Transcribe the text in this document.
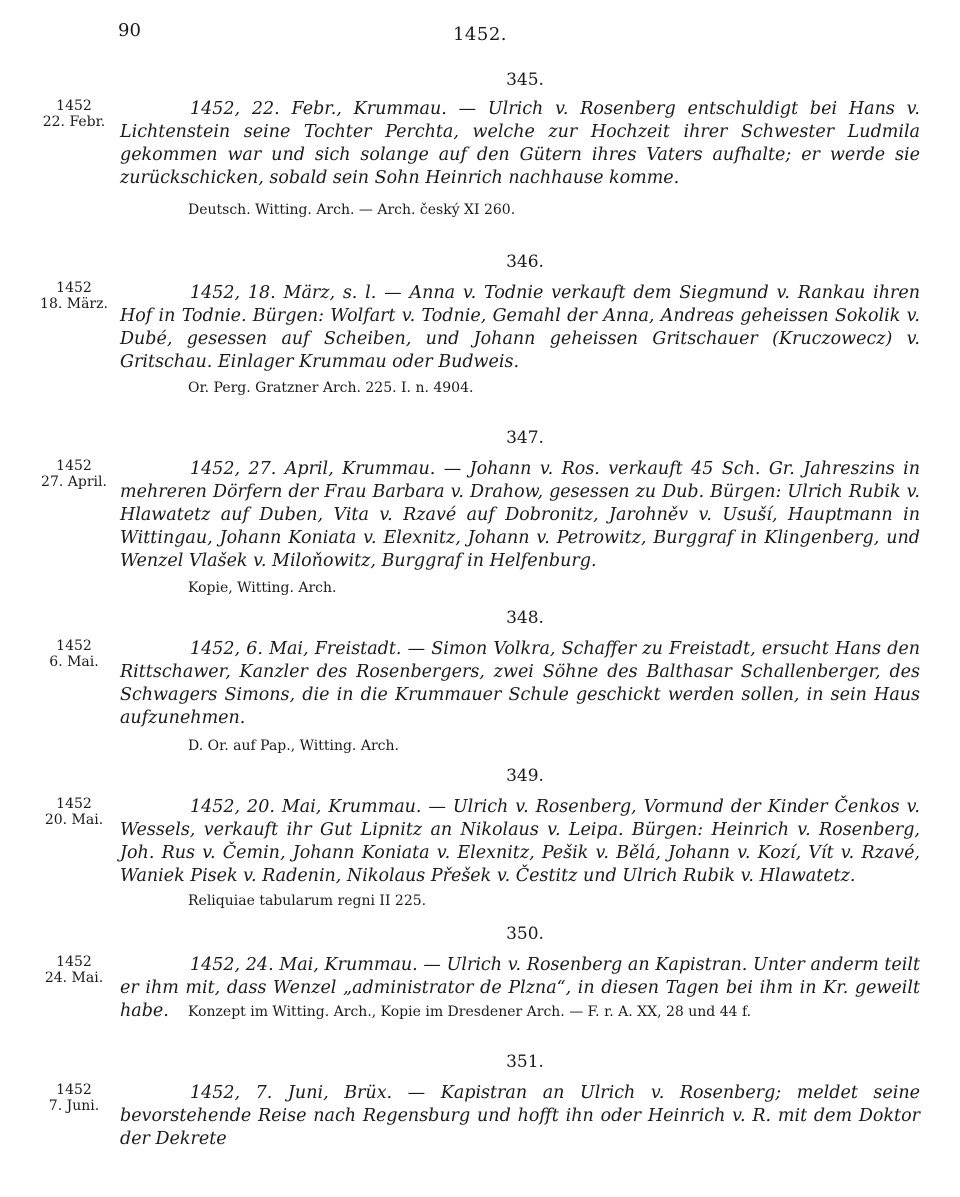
90	1452.
345.
1452
22. Febr.
1452, 22. Febr., Krummau. — Ulrich v. Rosenberg entschuldigt bei Hans v. Lichtenstein seine Tochter Perchta, welche zur Hochzeit ihrer Schwester Ludmila gekommen war und sich solange auf den Gütern ihres Vaters aufhalte; er werde sie zurückschicken, sobald sein Sohn Heinrich nachhause komme.
Deutsch. Witting. Arch. — Arch. český XI 260.
346.
1452
18. März.
1452, 18. März, s. l. — Anna v. Todnie verkauft dem Siegmund v. Rankau ihren Hof in Todnie. Bürgen: Wolfart v. Todnie, Gemahl der Anna, Andreas geheissen Sokolik v. Dubé, gesessen auf Scheiben, und Johann geheissen Gritschauer (Kruczowecz) v. Gritschau. Einlager Krummau oder Budweis.
Or. Perg. Gratzner Arch. 225. I. n. 4904.
347.
1452
27. April.
1452, 27. April, Krummau. — Johann v. Ros. verkauft 45 Sch. Gr. Jahreszins in mehreren Dörfern der Frau Barbara v. Drahow, gesessen zu Dub. Bürgen: Ulrich Rubik v. Hlawatetz auf Duben, Vita v. Rzavé auf Dobronitz, Jarohněv v. Usuší, Hauptmann in Wittingau, Johann Koniata v. Elexnitz, Johann v. Petrowitz, Burggraf in Klingenberg, und Wenzel Vlašek v. Miloňowitz, Burggraf in Helfenburg.
Kopie, Witting. Arch.
348.
1452
6. Mai.
1452, 6. Mai, Freistadt. — Simon Volkra, Schaffer zu Freistadt, ersucht Hans den Rittschawer, Kanzler des Rosenbergers, zwei Söhne des Balthasar Schallenberger, des Schwagers Simons, die in die Krummauer Schule geschickt werden sollen, in sein Haus aufzunehmen.
D. Or. auf Pap., Witting. Arch.
349.
1452
20. Mai.
1452, 20. Mai, Krummau. — Ulrich v. Rosenberg, Vormund der Kinder Čenkos v. Wessels, verkauft ihr Gut Lipnitz an Nikolaus v. Leipa. Bürgen: Heinrich v. Rosenberg, Joh. Rus v. Čemin, Johann Koniata v. Elexnitz, Pešik v. Bělá, Johann v. Kozí, Vít v. Rzavé, Waniek Pisek v. Radenin, Nikolaus Přešek v. Čestitz und Ulrich Rubik v. Hlawatetz.
Reliquiae tabularum regni II 225.
350.
1452
24. Mai.
1452, 24. Mai, Krummau. — Ulrich v. Rosenberg an Kapistran. Unter anderm teilt er ihm mit, dass Wenzel „administrator de Plzna“, in diesen Tagen bei ihm in Kr. geweilt habe.	Konzept im Witting. Arch., Kopie im Dresdener Arch. — F. r. A. XX, 28 und 44 f.
351.
1452
7. Juni.
1452, 7. Juni, Brüx. — Kapistran an Ulrich v. Rosenberg; meldet seine bevorstehende Reise nach Regensburg und hofft ihn oder Heinrich v. R. mit dem Doktor der Dekrete
